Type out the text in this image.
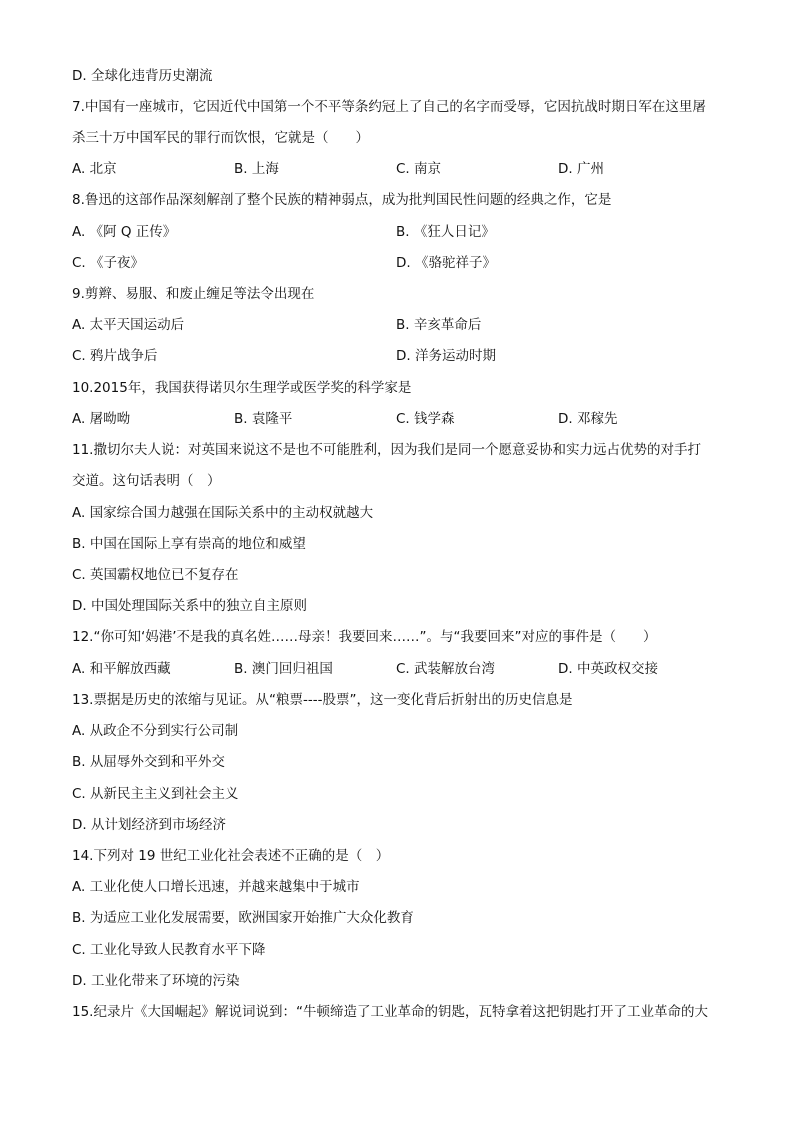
D. 全球化违背历史潮流
7.中国有一座城市，它因近代中国第一个不平等条约冠上了自己的名字而受辱，它因抗战时期日军在这里屠
杀三十万中国军民的罪行而饮恨，它就是（　　）
A. 北京	B. 上海	C. 南京	D. 广州
8.鲁迅的这部作品深刻解剖了整个民族的精神弱点，成为批判国民性问题的经典之作，它是
A. 《阿 Q 正传》	B. 《狂人日记》
C. 《子夜》	D. 《骆驼祥子》
9.剪辫、易服、和废止缠足等法令出现在
A. 太平天国运动后	B. 辛亥革命后
C. 鸦片战争后	D. 洋务运动时期
10.2015年，我国获得诺贝尔生理学或医学奖的科学家是
A. 屠呦呦	B. 袁隆平	C. 钱学森	D. 邓稼先
11.撒切尔夫人说：对英国来说这不是也不可能胜利，因为我们是同一个愿意妥协和实力远占优势的对手打
交道。这句话表明（　）
A. 国家综合国力越强在国际关系中的主动权就越大
B. 中国在国际上享有崇高的地位和威望
C. 英国霸权地位已不复存在
D. 中国处理国际关系中的独立自主原则
12.“你可知‘妈港’不是我的真名姓……母亲！我要回来……”。与“我要回来”对应的事件是（　　）
A. 和平解放西藏	B. 澳门回归祖国	C. 武装解放台湾	D. 中英政权交接
13.票据是历史的浓缩与见证。从“粮票----股票”，这一变化背后折射出的历史信息是
A. 从政企不分到实行公司制
B. 从屈辱外交到和平外交
C. 从新民主主义到社会主义
D. 从计划经济到市场经济
14.下列对 19 世纪工业化社会表述不正确的是（　）
A. 工业化使人口增长迅速，并越来越集中于城市
B. 为适应工业化发展需要，欧洲国家开始推广大众化教育
C. 工业化导致人民教育水平下降
D. 工业化带来了环境的污染
15.纪录片《大国崛起》解说词说到：“牛顿缔造了工业革命的钥匙，瓦特拿着这把钥匙打开了工业革命的大
